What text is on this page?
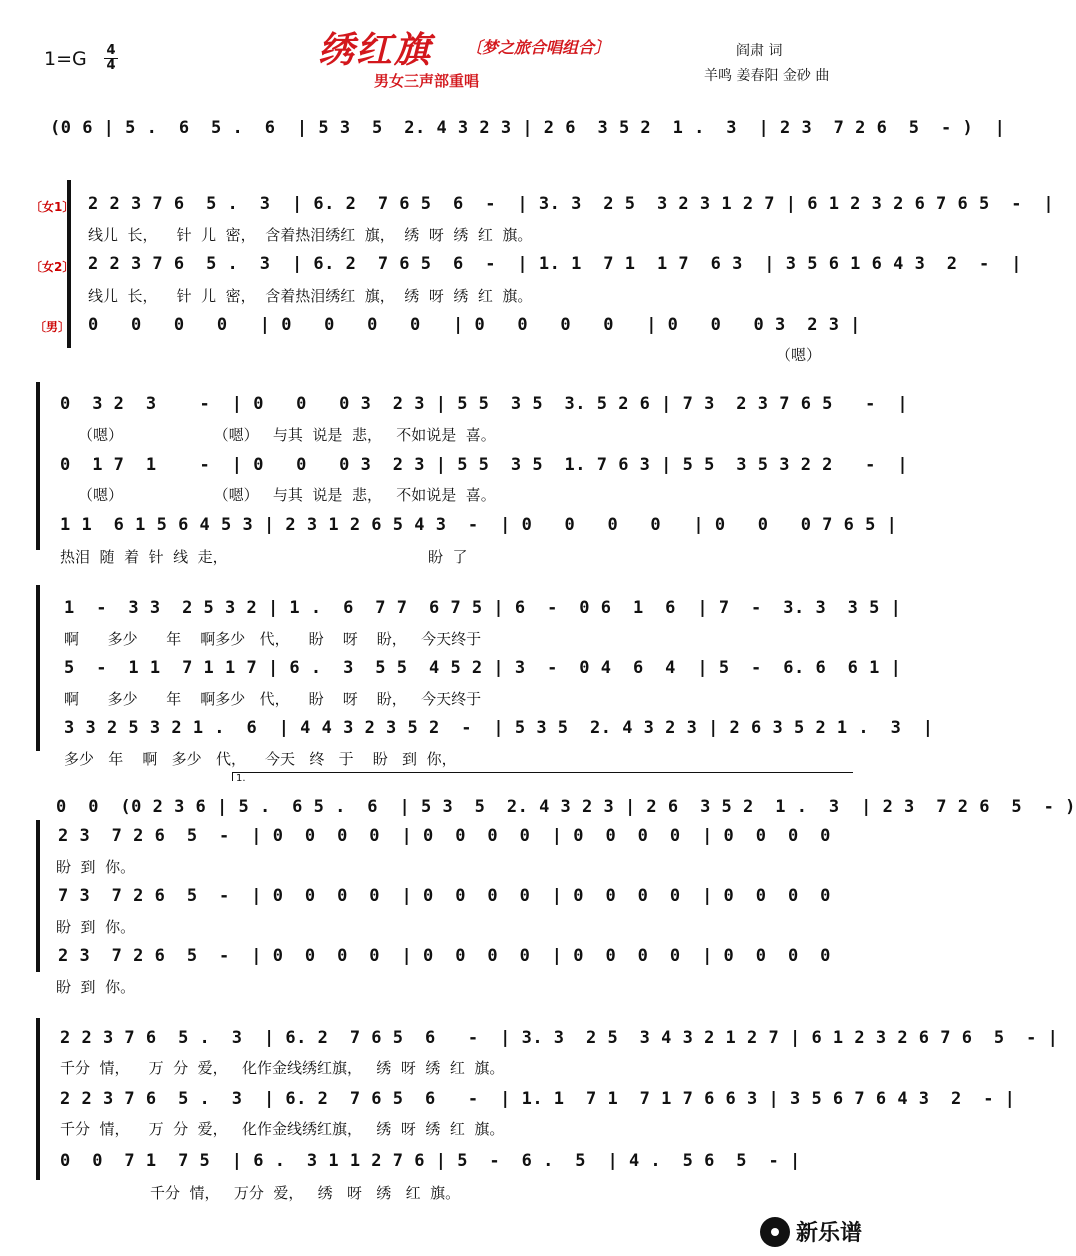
1=G 4
4	绣红旗 〔梦之旅合唱组合〕
男女三声部重唱
阎肃 词
羊鸣 姜春阳 金砂 曲
(0 6 | 5 .  6  5 .  6  | 5 3  5  2. 4 3 2 3 | 2 6  3 5 2  1 .  3  | 2 3  7 2 6  5  - )  |
〔女1〕
〔女2〕
〔男〕
2 2 3 7 6  5 .  3  | 6. 2  7 6 5  6  -  | 3. 3  2 5  3 2 3 1 2 7 | 6 1 2 3 2 6 7 6 5  -  |
线儿  长，    针  儿  密，  含着热泪绣红  旗，  绣  呀  绣  红  旗。
2 2 3 7 6  5 .  3  | 6. 2  7 6 5  6  -  | 1. 1  7 1  1 7  6 3  | 3 5 6 1 6 4 3  2  -  |
线儿  长，    针  儿  密，  含着热泪绣红  旗，  绣  呀  绣  红  旗。
0   0   0   0   | 0   0   0   0   | 0   0   0   0   | 0   0   0 3  2 3 |
（嗯）
0  3 2  3    -  | 0   0   0 3  2 3 | 5 5  3 5  3. 5 2 6 | 7 3  2 3 7 6 5   -  |
（嗯）                   （嗯）   与其  说是  悲，   不如说是  喜。
0  1 7  1    -  | 0   0   0 3  2 3 | 5 5  3 5  1. 7 6 3 | 5 5  3 5 3 2 2   -  |
（嗯）                   （嗯）   与其  说是  悲，   不如说是  喜。
1 1  6 1 5 6 4 5 3 | 2 3 1 2 6 5 4 3  -  | 0   0   0   0   | 0   0   0 7 6 5 |
热泪  随  着  针  线  走，                                          盼  了
1  -  3 3  2 5 3 2 | 1 .  6  7 7  6 7 5 | 6  -  0 6  1  6  | 7  -  3. 3  3 5 |
啊      多少      年    啊多少   代，    盼    呀    盼，   今天终于
5  -  1 1  7 1 1 7 | 6 .  3  5 5  4 5 2 | 3  -  0 4  6  4  | 5  -  6. 6  6 1 |
啊      多少      年    啊多少   代，    盼    呀    盼，   今天终于
3 3 2 5 3 2 1 .  6  | 4 4 3 2 3 5 2  -  | 5 3 5  2. 4 3 2 3 | 2 6 3 5 2 1 .  3  |
多少   年    啊   多少   代，    今天   终   于    盼   到  你，
1.
0  0  (0 2 3 6 | 5 .  6 5 .  6  | 5 3  5  2. 4 3 2 3 | 2 6  3 5 2  1 .  3  | 2 3  7 2 6  5  - )
2 3  7 2 6  5  -  | 0  0  0  0  | 0  0  0  0  | 0  0  0  0  | 0  0  0  0
盼  到  你。
7 3  7 2 6  5  -  | 0  0  0  0  | 0  0  0  0  | 0  0  0  0  | 0  0  0  0
盼  到  你。
2 3  7 2 6  5  -  | 0  0  0  0  | 0  0  0  0  | 0  0  0  0  | 0  0  0  0
盼  到  你。
2 2 3 7 6  5 .  3  | 6. 2  7 6 5  6   -  | 3. 3  2 5  3 4 3 2 1 2 7 | 6 1 2 3 2 6 7 6  5  - |
千分  情，    万  分  爱，   化作金线绣红旗，   绣  呀  绣  红  旗。
2 2 3 7 6  5 .  3  | 6. 2  7 6 5  6   -  | 1. 1  7 1  7 1 7 6 6 3 | 3 5 6 7 6 4 3  2  - |
千分  情，    万  分  爱，   化作金线绣红旗，   绣  呀  绣  红  旗。
0  0  7 1  7 5  | 6 .  3 1 1 2 7 6 | 5  -  6 .  5  | 4 .  5 6  5  - |
千分  情，   万分  爱，   绣   呀   绣   红  旗。
新乐谱
